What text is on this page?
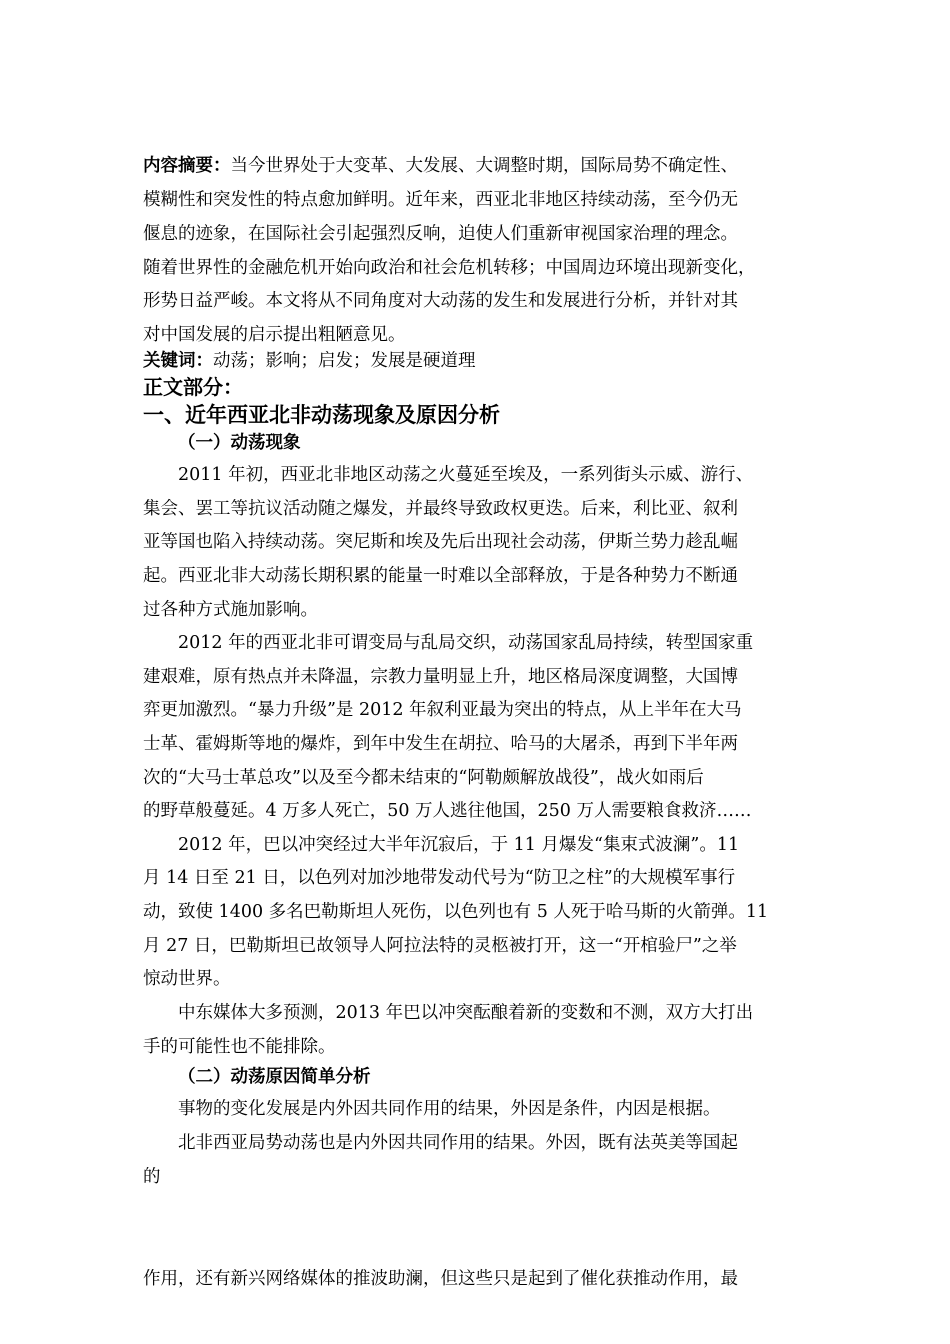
内容摘要：当今世界处于大变革、大发展、大调整时期，国际局势不确定性、
模糊性和突发性的特点愈加鲜明。近年来，西亚北非地区持续动荡，至今仍无
偃息的迹象，在国际社会引起强烈反响，迫使人们重新审视国家治理的理念。
随着世界性的金融危机开始向政治和社会危机转移；中国周边环境出现新变化，
形势日益严峻。本文将从不同角度对大动荡的发生和发展进行分析，并针对其
对中国发展的启示提出粗陋意见。
关键词：动荡；影响；启发；发展是硬道理
正文部分：
一、近年西亚北非动荡现象及原因分析
（一）动荡现象
2011 年初，西亚北非地区动荡之火蔓延至埃及，一系列街头示威、游行、
集会、罢工等抗议活动随之爆发，并最终导致政权更迭。后来，利比亚、叙利
亚等国也陷入持续动荡。突尼斯和埃及先后出现社会动荡，伊斯兰势力趁乱崛
起。西亚北非大动荡长期积累的能量一时难以全部释放，于是各种势力不断通
过各种方式施加影响。
2012 年的西亚北非可谓变局与乱局交织，动荡国家乱局持续，转型国家重
建艰难，原有热点并未降温，宗教力量明显上升，地区格局深度调整，大国博
弈更加激烈。“暴力升级”是 2012 年叙利亚最为突出的特点，从上半年在大马
士革、霍姆斯等地的爆炸，到年中发生在胡拉、哈马的大屠杀，再到下半年两
次的“大马士革总攻”以及至今都未结束的“阿勒颇解放战役”，战火如雨后
的野草般蔓延。4 万多人死亡，50 万人逃往他国，250 万人需要粮食救济……
2012 年，巴以冲突经过大半年沉寂后，于 11 月爆发“集束式波澜”。11
月 14 日至 21 日，以色列对加沙地带发动代号为“防卫之柱”的大规模军事行
动，致使 1400 多名巴勒斯坦人死伤，以色列也有 5 人死于哈马斯的火箭弹。11
月 27 日，巴勒斯坦已故领导人阿拉法特的灵柩被打开，这一“开棺验尸”之举
惊动世界。
中东媒体大多预测，2013 年巴以冲突酝酿着新的变数和不测，双方大打出
手的可能性也不能排除。
（二）动荡原因简单分析
事物的变化发展是内外因共同作用的结果，外因是条件，内因是根据。
北非西亚局势动荡也是内外因共同作用的结果。外因，既有法英美等国起
的
作用，还有新兴网络媒体的推波助澜，但这些只是起到了催化获推动作用，最
